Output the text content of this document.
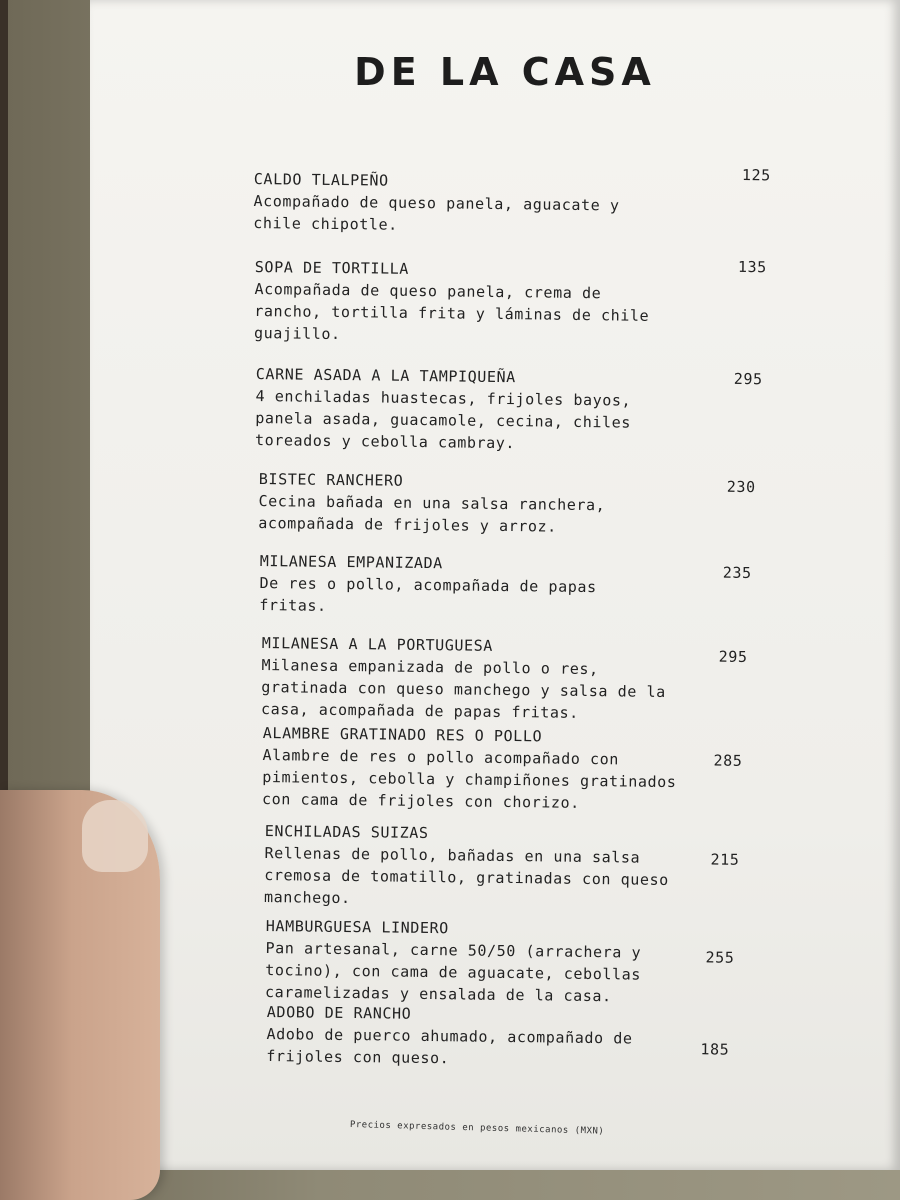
DE LA CASA
CALDO TLALPEÑO
Acompañado de queso panela, aguacate y
chile chipotle.
125
SOPA DE TORTILLA
Acompañada de queso panela, crema de
rancho, tortilla frita y láminas de chile
guajillo.
135
CARNE ASADA A LA TAMPIQUEÑA
4 enchiladas huastecas, frijoles bayos,
panela asada, guacamole, cecina, chiles
toreados y cebolla cambray.
295
BISTEC RANCHERO
Cecina bañada en una salsa ranchera,
acompañada de frijoles y arroz.
230
MILANESA EMPANIZADA
De res o pollo, acompañada de papas
fritas.
235
MILANESA A LA PORTUGUESA
Milanesa empanizada de pollo o res,
gratinada con queso manchego y salsa de la
casa, acompañada de papas fritas.
295
ALAMBRE GRATINADO RES O POLLO
Alambre de res o pollo acompañado con
pimientos, cebolla y champiñones gratinados
con cama de frijoles con chorizo.
285
ENCHILADAS SUIZAS
Rellenas de pollo, bañadas en una salsa
cremosa de tomatillo, gratinadas con queso
manchego.
215
HAMBURGUESA LINDERO
Pan artesanal, carne 50/50 (arrachera y
tocino), con cama de aguacate, cebollas
caramelizadas y ensalada de la casa.
255
ADOBO DE RANCHO
Adobo de puerco ahumado, acompañado de
frijoles con queso.	185
Precios expresados en pesos mexicanos (MXN)
